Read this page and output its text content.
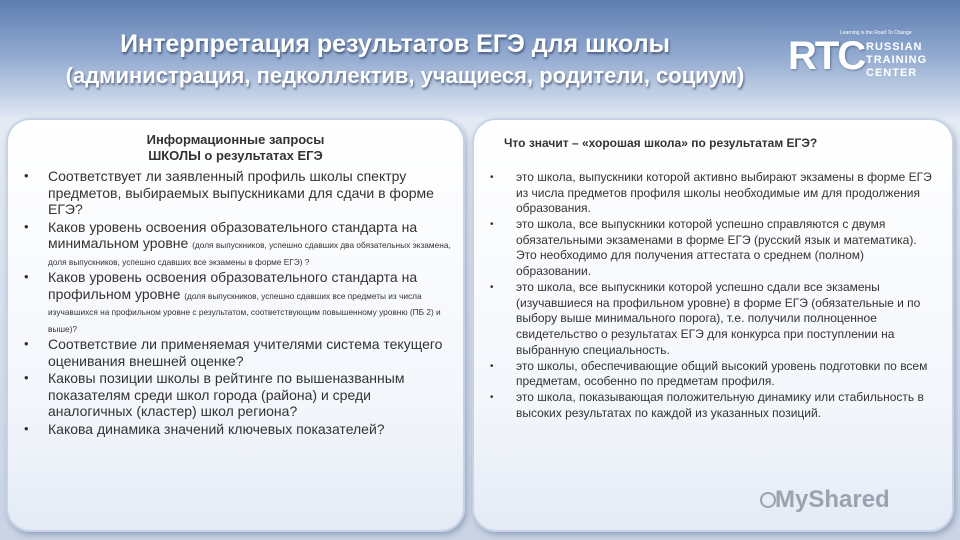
Интерпретация результатов ЕГЭ для школы
(администрация, педколлектив, учащиеся, родители, социум)	RTC
Learning is the Road To Change
RUSSIAN
TRAINING
CENTER
Информационные запросы
ШКОЛЫ о результатах ЕГЭ
• Соответствует ли заявленный профиль школы спектру предметов, выбираемых выпускниками для сдачи в форме ЕГЭ?
• Каков уровень освоения образовательного стандарта на минимальном уровне (доля выпускников, успешно сдавших два обязательных экзамена, доля выпускников, успешно сдавших все экзамены в форме ЕГЭ) ?
• Каков уровень освоения образовательного стандарта на профильном уровне (доля выпускников, успешно сдавших все предметы из числа изучавшихся на профильном уровне с результатом, соответствующим повышенному уровню (ПБ 2) и выше)?
• Соответствие ли применяемая учителями система текущего оценивания внешней оценке?
• Каковы позиции школы в рейтинге по вышеназванным показателям среди школ города (района) и среди аналогичных (кластер) школ региона?
• Какова динамика значений ключевых показателей?
Что значит – «хорошая школа» по результатам ЕГЭ?
• это школа, выпускники которой активно выбирают экзамены в форме ЕГЭ из числа предметов профиля школы необходимые им для продолжения образования.
• это школа, все выпускники которой успешно справляются с двумя обязательными экзаменами в форме ЕГЭ (русский язык и математика). Это необходимо для получения аттестата о среднем (полном) образовании.
• это школа, все выпускники которой успешно сдали все экзамены (изучавшиеся на профильном уровне) в форме ЕГЭ (обязательные и по выбору выше минимального порога), т.е. получили полноценное свидетельство о результатах ЕГЭ для конкурса при поступлении на выбранную специальность.
• это школы, обеспечивающие общий высокий уровень подготовки по всем предметам, особенно по предметам профиля.
• это школа, показывающая положительную динамику или стабильность в высоких результатах по каждой из указанных позиций.
MyShared
